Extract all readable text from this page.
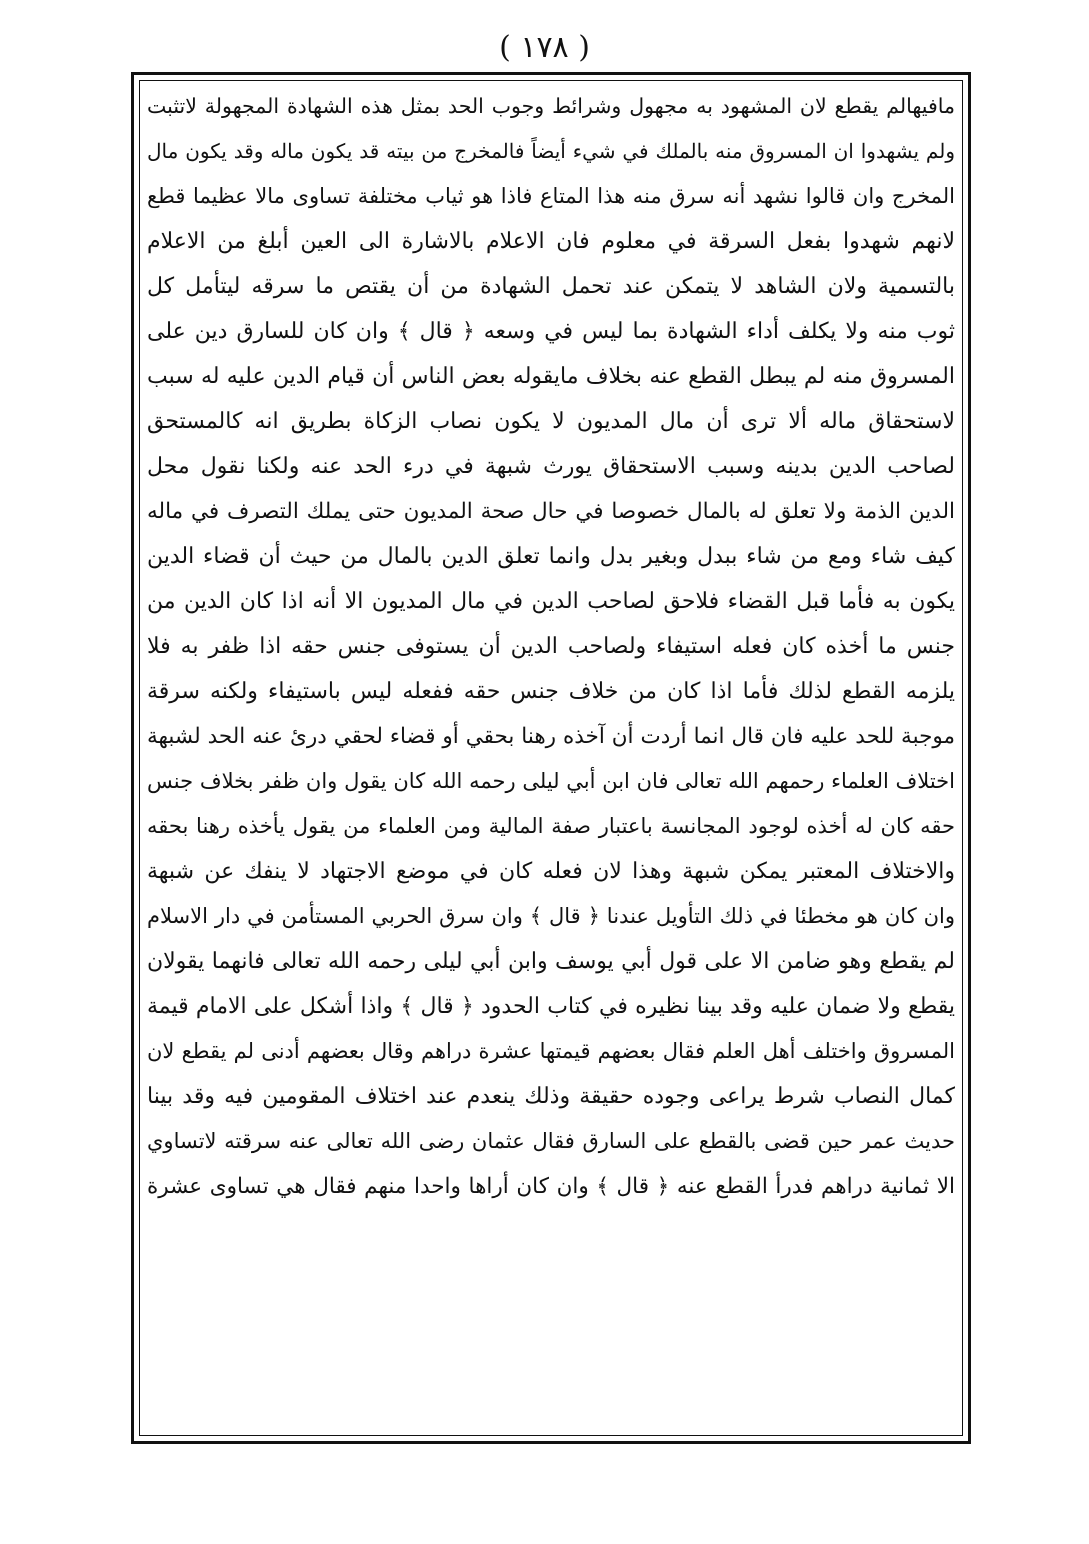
( ١٧٨ )
مافيهالم يقطع لان المشهود به مجهول وشرائط وجوب الحد بمثل هذه الشهادة المجهولة لاتثبت
ولم يشهدوا ان المسروق منه بالملك في شيء أيضاً فالمخرج من بيته قد يكون ماله وقد يكون مال
المخرج وان قالوا نشهد أنه سرق منه هذا المتاع فاذا هو ثياب مختلفة تساوى مالا عظيما قطع
لانهم شهدوا بفعل السرقة في معلوم فان الاعلام بالاشارة الى العين أبلغ من الاعلام
بالتسمية ولان الشاهد لا يتمكن عند تحمل الشهادة من أن يقتص ما سرقه ليتأمل كل
ثوب منه ولا يكلف أداء الشهادة بما ليس في وسعه ﴿ قال ﴾ وان كان للسارق دين على
المسروق منه لم يبطل القطع عنه بخلاف مايقوله بعض الناس أن قيام الدين عليه له سبب
لاستحقاق ماله ألا ترى أن مال المديون لا يكون نصاب الزكاة بطريق انه كالمستحق
لصاحب الدين بدينه وسبب الاستحقاق يورث شبهة في درء الحد عنه ولكنا نقول محل
الدين الذمة ولا تعلق له بالمال خصوصا في حال صحة المديون حتى يملك التصرف في ماله
كيف شاء ومع من شاء ببدل وبغير بدل وانما تعلق الدين بالمال من حيث أن قضاء الدين
يكون به فأما قبل القضاء فلاحق لصاحب الدين في مال المديون الا أنه اذا كان الدين من
جنس ما أخذه كان فعله استيفاء ولصاحب الدين أن يستوفى جنس حقه اذا ظفر به فلا
يلزمه القطع لذلك فأما اذا كان من خلاف جنس حقه ففعله ليس باستيفاء ولكنه سرقة
موجبة للحد عليه فان قال انما أردت أن آخذه رهنا بحقي أو قضاء لحقي درئ عنه الحد لشبهة
اختلاف العلماء رحمهم الله تعالى فان ابن أبي ليلى رحمه الله كان يقول وان ظفر بخلاف جنس
حقه كان له أخذه لوجود المجانسة باعتبار صفة المالية ومن العلماء من يقول يأخذه رهنا بحقه
والاختلاف المعتبر يمكن شبهة وهذا لان فعله كان في موضع الاجتهاد لا ينفك عن شبهة
وان كان هو مخطئا في ذلك التأويل عندنا ﴿ قال ﴾ وان سرق الحربي المستأمن في دار الاسلام
لم يقطع وهو ضامن الا على قول أبي يوسف وابن أبي ليلى رحمه الله تعالى فانهما يقولان
يقطع ولا ضمان عليه وقد بينا نظيره في كتاب الحدود ﴿ قال ﴾ واذا أشكل على الامام قيمة
المسروق واختلف أهل العلم فقال بعضهم قيمتها عشرة دراهم وقال بعضهم أدنى لم يقطع لان
كمال النصاب شرط يراعى وجوده حقيقة وذلك ينعدم عند اختلاف المقومين فيه وقد بينا
حديث عمر حين قضى بالقطع على السارق فقال عثمان رضى الله تعالى عنه سرقته لاتساوي
الا ثمانية دراهم فدرأ القطع عنه ﴿ قال ﴾ وان كان أراها واحدا منهم فقال هي تساوى عشرة
